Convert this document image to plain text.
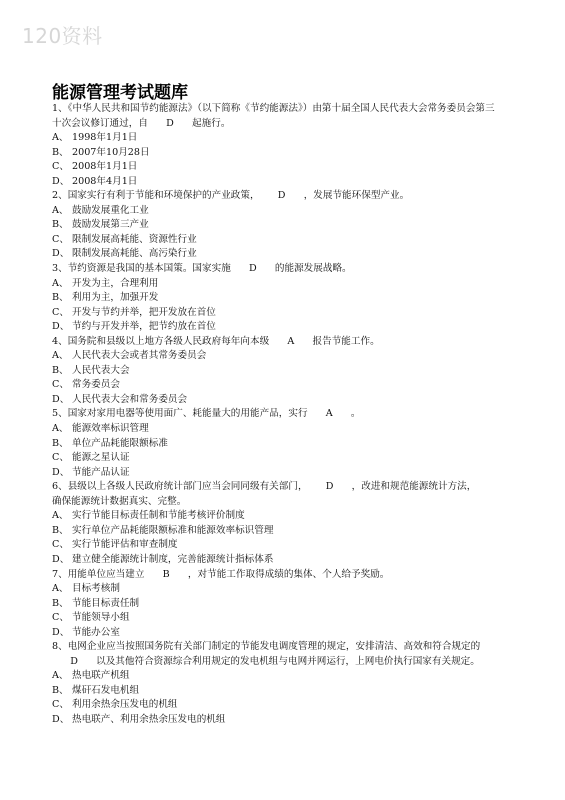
120资料
能源管理考试题库
1、《中华人民共和国节约能源法》（以下简称《节约能源法》）由第十届全国人民代表大会常务委员会第三
十次会议修订通过，自 D 起施行。
A、 1998年1月1日
B、 2007年10月28日
C、 2008年1月1日
D、 2008年4月1日
2、国家实行有利于节能和环境保护的产业政策， D ，发展节能环保型产业。
A、 鼓励发展重化工业
B、 鼓励发展第三产业
C、 限制发展高耗能、资源性行业
D、 限制发展高耗能、高污染行业
3、节约资源是我国的基本国策。国家实施 D 的能源发展战略。
A、 开发为主，合理利用
B、 利用为主，加强开发
C、 开发与节约并举，把开发放在首位
D、 节约与开发并举，把节约放在首位
4、国务院和县级以上地方各级人民政府每年向本级 A 报告节能工作。
A、 人民代表大会或者其常务委员会
B、 人民代表大会
C、 常务委员会
D、 人民代表大会和常务委员会
5、国家对家用电器等使用面广、耗能量大的用能产品，实行 A 。
A、 能源效率标识管理
B、 单位产品耗能限额标准
C、 能源之星认证
D、 节能产品认证
6、县级以上各级人民政府统计部门应当会同同级有关部门， D ，改进和规范能源统计方法，
确保能源统计数据真实、完整。
A、 实行节能目标责任制和节能考核评价制度
B、 实行单位产品耗能限额标准和能源效率标识管理
C、 实行节能评估和审查制度
D、 建立健全能源统计制度，完善能源统计指标体系
7、用能单位应当建立 B ，对节能工作取得成绩的集体、个人给予奖励。
A、 目标考核制
B、 节能目标责任制
C、 节能领导小组
D、 节能办公室
8、电网企业应当按照国务院有关部门制定的节能发电调度管理的规定，安排清洁、高效和符合规定的
D 以及其他符合资源综合利用规定的发电机组与电网并网运行，上网电价执行国家有关规定。
A、 热电联产机组
B、 煤矸石发电机组
C、 利用余热余压发电的机组
D、 热电联产、利用余热余压发电的机组
